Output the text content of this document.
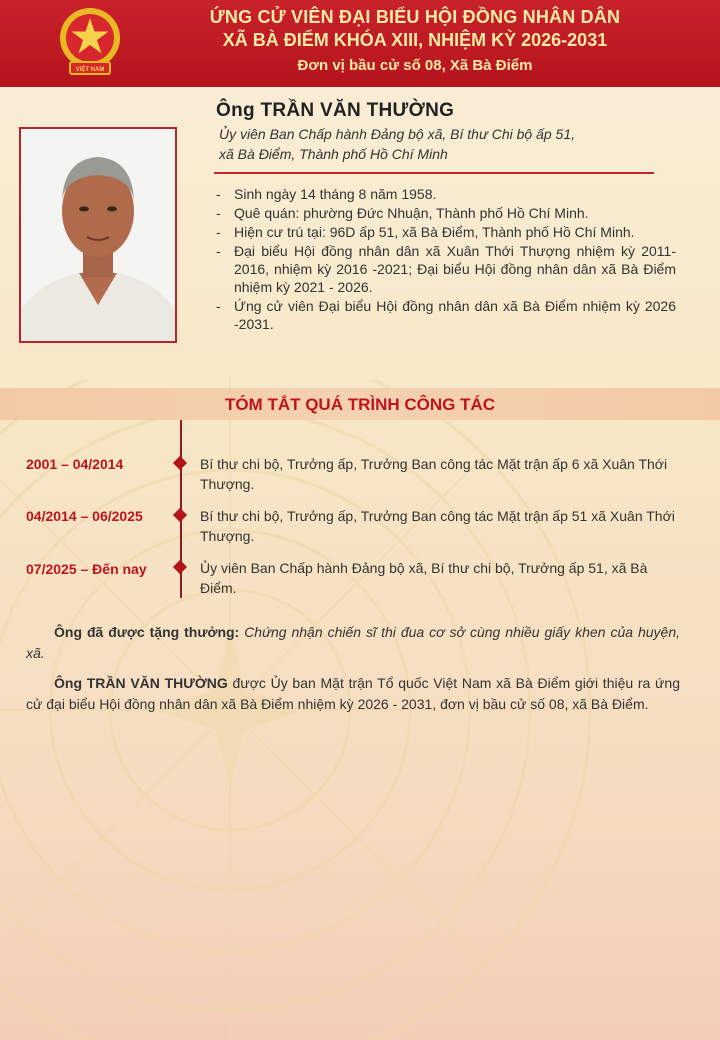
VIỆT NAM
ỨNG CỬ VIÊN ĐẠI BIỂU HỘI ĐỒNG NHÂN DÂN
XÃ BÀ ĐIỂM KHÓA XIII, NHIỆM KỲ 2026-2031
Đơn vị bầu cử số 08, Xã Bà Điểm
Ông TRẦN VĂN THƯỜNG
Ủy viên Ban Chấp hành Đảng bộ xã, Bí thư Chi bộ ấp 51,
xã Bà Điểm, Thành phố Hồ Chí Minh
- Sinh ngày 14 tháng 8 năm 1958.
- Quê quán: phường Đức Nhuận, Thành phố Hồ Chí Minh.
- Hiện cư trú tại: 96D ấp 51, xã Bà Điểm, Thành phố Hồ Chí Minh.
- Đại biểu Hội đồng nhân dân xã Xuân Thới Thượng nhiệm kỳ 2011-2016, nhiệm kỳ 2016 -2021; Đại biểu Hội đồng nhân dân xã Bà Điểm nhiệm kỳ 2021 - 2026.
- Ứng cử viên Đại biểu Hội đồng nhân dân xã Bà Điểm nhiệm kỳ 2026 -2031.
TÓM TẮT QUÁ TRÌNH CÔNG TÁC
2001 – 04/2014	Bí thư chi bộ, Trưởng ấp, Trưởng Ban công tác Mặt trận ấp 6 xã Xuân Thới Thượng.
04/2014 – 06/2025	Bí thư chi bộ, Trưởng ấp, Trưởng Ban công tác Mặt trận ấp 51 xã Xuân Thới Thượng.
07/2025 – Đến nay	Ủy viên Ban Chấp hành Đảng bộ xã, Bí thư chi bộ, Trưởng ấp 51, xã Bà Điểm.
Ông đã được tặng thưởng: Chứng nhận chiến sĩ thi đua cơ sở cùng nhiều giấy khen của huyện, xã.
Ông TRẦN VĂN THƯỜNG được Ủy ban Mặt trận Tổ quốc Việt Nam xã Bà Điểm giới thiệu ra ứng cử đại biểu Hội đồng nhân dân xã Bà Điểm nhiệm kỳ 2026 - 2031, đơn vị bầu cử số 08, xã Bà Điểm.
